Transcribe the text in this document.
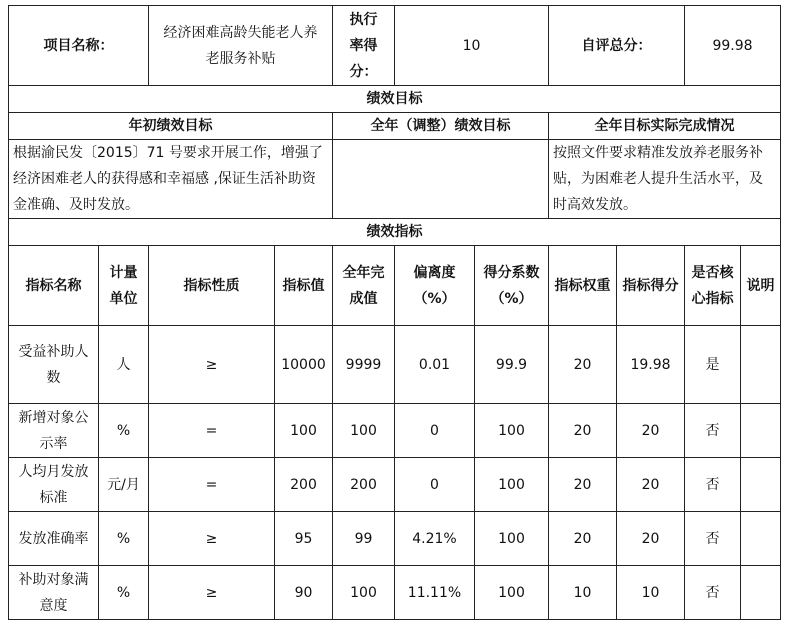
项目名称：		经济困难高龄失能老人养老服务补贴		执行率得分：	10		自评总分：		99.98	
绩效目标										
年初绩效目标				全年（调整）绩效目标			全年目标实际完成情况			
根据渝民发〔2015〕71 号要求开展工作，增强了经济困难老人的获得感和幸福感 ,保证生活补助资金准确、及时发放。							按照文件要求精准发放养老服务补贴，为困难老人提升生活水平，及时高效发放。			
绩效指标										
指标名称	计量单位	指标性质	指标值	全年完成值	偏离度（%）	得分系数（%）	指标权重	指标得分	是否核心指标	说明
受益补助人数	人	≥	10000	9999	0.01	99.9	20	19.98	是	
新增对象公示率	%	=	100	100	0	100	20	20	否	
人均月发放标准	元/月	=	200	200	0	100	20	20	否	
发放准确率	%	≥	95	99	4.21%	100	20	20	否	
补助对象满意度	%	≥	90	100	11.11%	100	10	10	否	
